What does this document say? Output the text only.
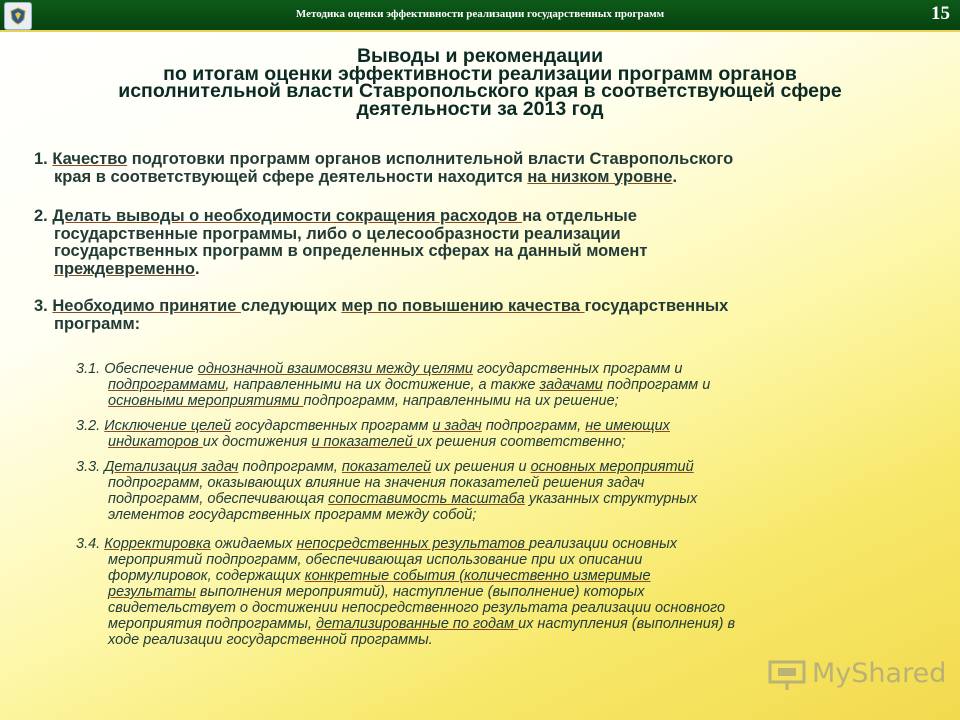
Методика оценки эффективности реализации государственных программ	15
Выводы и рекомендации
по итогам оценки эффективности реализации программ органов
исполнительной власти Ставропольского края в соответствующей сфере
деятельности за 2013 год
1. Качество подготовки программ органов исполнительной власти Ставропольского
края в соответствующей сфере деятельности находится на низком уровне.
2. Делать выводы о необходимости сокращения расходов на отдельные
государственные программы, либо о целесообразности реализации
государственных программ в определенных сферах на данный момент
преждевременно.
3. Необходимо принятие следующих мер по повышению качества государственных
программ:
3.1. Обеспечение однозначной взаимосвязи между целями государственных программ и
подпрограммами, направленными на их достижение, а также задачами подпрограмм и
основными мероприятиями подпрограмм, направленными на их решение;
3.2. Исключение целей государственных программ и задач подпрограмм, не имеющих
индикаторов их достижения и показателей их решения соответственно;
3.3. Детализация задач подпрограмм, показателей их решения и основных мероприятий
подпрограмм, оказывающих влияние на значения показателей решения задач
подпрограмм, обеспечивающая сопоставимость масштаба указанных структурных
элементов государственных программ между собой;
3.4. Корректировка ожидаемых непосредственных результатов реализации основных
мероприятий подпрограмм, обеспечивающая использование при их описании
формулировок, содержащих конкретные события (количественно измеримые
результаты выполнения мероприятий), наступление (выполнение) которых
свидетельствует о достижении непосредственного результата реализации основного
мероприятия подпрограммы, детализированные по годам их наступления (выполнения) в
ходе реализации государственной программы.
MyShared
